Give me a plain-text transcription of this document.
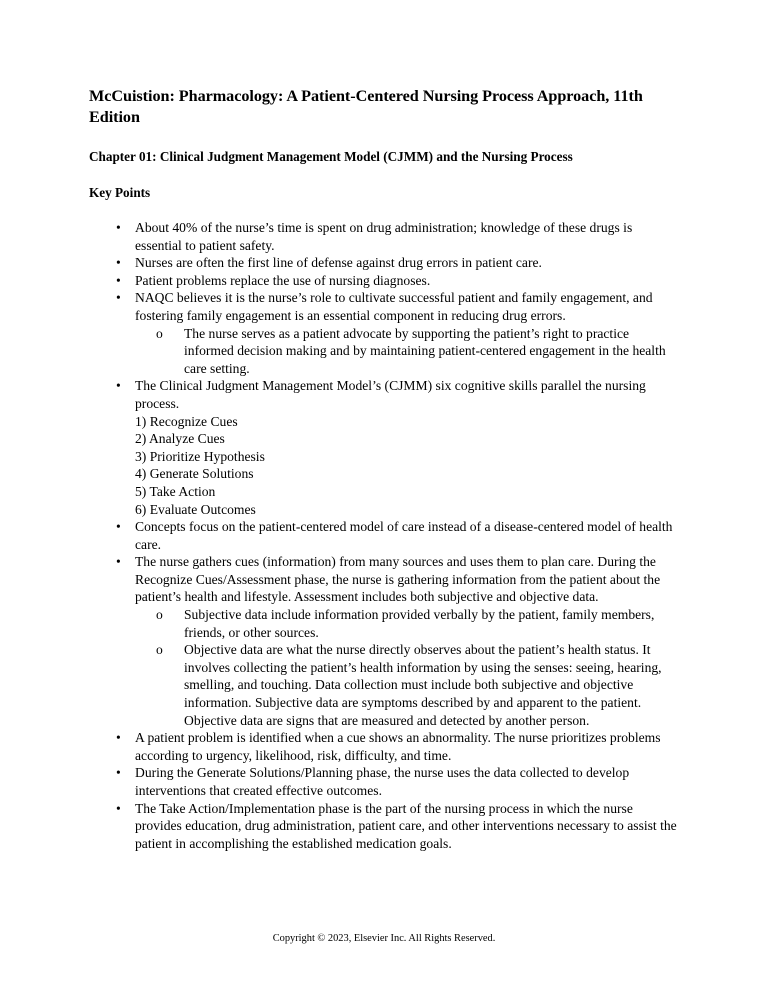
McCuistion: Pharmacology: A Patient-Centered Nursing Process Approach, 11th Edition
Chapter 01: Clinical Judgment Management Model (CJMM) and the Nursing Process
Key Points
•	About 40% of the nurse’s time is spent on drug administration; knowledge of these drugs is essential to patient safety.
•	Nurses are often the first line of defense against drug errors in patient care.
•	Patient problems replace the use of nursing diagnoses.
•	NAQC believes it is the nurse’s role to cultivate successful patient and family engagement, and fostering family engagement is an essential component in reducing drug errors.
o	The nurse serves as a patient advocate by supporting the patient’s right to practice informed decision making and by maintaining patient-centered engagement in the health care setting.
•	The Clinical Judgment Management Model’s (CJMM) six cognitive skills parallel the nursing process.
1) Recognize Cues
2) Analyze Cues
3) Prioritize Hypothesis
4) Generate Solutions
5) Take Action
6) Evaluate Outcomes
•	Concepts focus on the patient-centered model of care instead of a disease-centered model of health care.
•	The nurse gathers cues (information) from many sources and uses them to plan care. During the Recognize Cues/Assessment phase, the nurse is gathering information from the patient about the patient’s health and lifestyle. Assessment includes both subjective and objective data.
o	Subjective data include information provided verbally by the patient, family members, friends, or other sources.
o	Objective data are what the nurse directly observes about the patient’s health status. It involves collecting the patient’s health information by using the senses: seeing, hearing, smelling, and touching. Data collection must include both subjective and objective information. Subjective data are symptoms described by and apparent to the patient. Objective data are signs that are measured and detected by another person.
•	A patient problem is identified when a cue shows an abnormality. The nurse prioritizes problems according to urgency, likelihood, risk, difficulty, and time.
•	During the Generate Solutions/Planning phase, the nurse uses the data collected to develop interventions that created effective outcomes.
•	The Take Action/Implementation phase is the part of the nursing process in which the nurse provides education, drug administration, patient care, and other interventions necessary to assist the patient in accomplishing the established medication goals.
Copyright © 2023, Elsevier Inc. All Rights Reserved.
